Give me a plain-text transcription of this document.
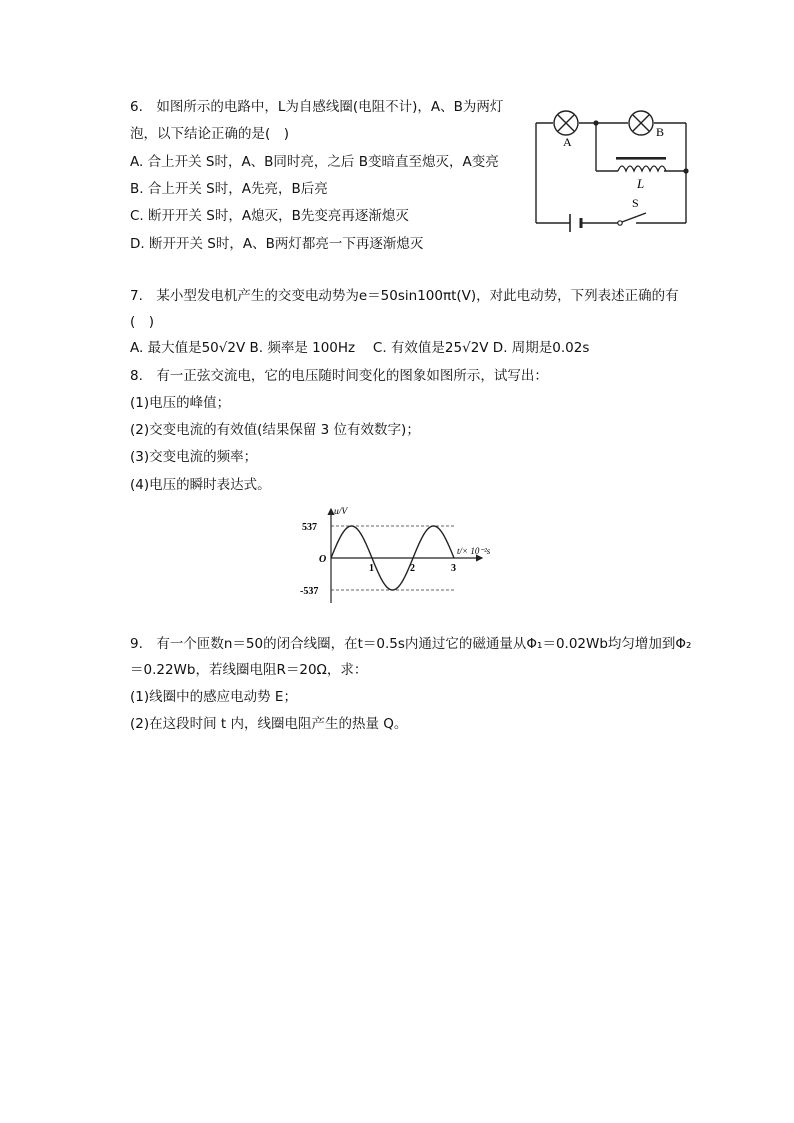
6.　如图所示的电路中，L为自感线圈(电阻不计)，A、B为两灯
泡，以下结论正确的是(　)
A. 合上开关 S时，A、B同时亮，之后 B变暗直至熄灭，A变亮
B. 合上开关 S时，A先亮，B后亮
C. 断开开关 S时，A熄灭，B先变亮再逐渐熄灭
D. 断开开关 S时，A、B两灯都亮一下再逐渐熄灭
A
B
L
S
7.　某小型发电机产生的交变电动势为e＝50sin100πt(V)，对此电动势，下列表述正确的有
(　)
A. 最大值是50√2V B. 频率是 100Hz　 C. 有效值是25√2V D. 周期是0.02s
8.　有一正弦交流电，它的电压随时间变化的图象如图所示，试写出：
(1)电压的峰值；
(2)交变电流的有效值(结果保留 3 位有效数字)；
(3)交变电流的频率；
(4)电压的瞬时表达式。
1	2	3
537
-537
O
t/× 10⁻²s
u/V
9.　有一个匝数n＝50的闭合线圈，在t＝0.5s内通过它的磁通量从Φ₁＝0.02Wb均匀增加到Φ₂
＝0.22Wb，若线圈电阻R＝20Ω，求：
(1)线圈中的感应电动势 E；
(2)在这段时间 t 内，线圈电阻产生的热量 Q。
